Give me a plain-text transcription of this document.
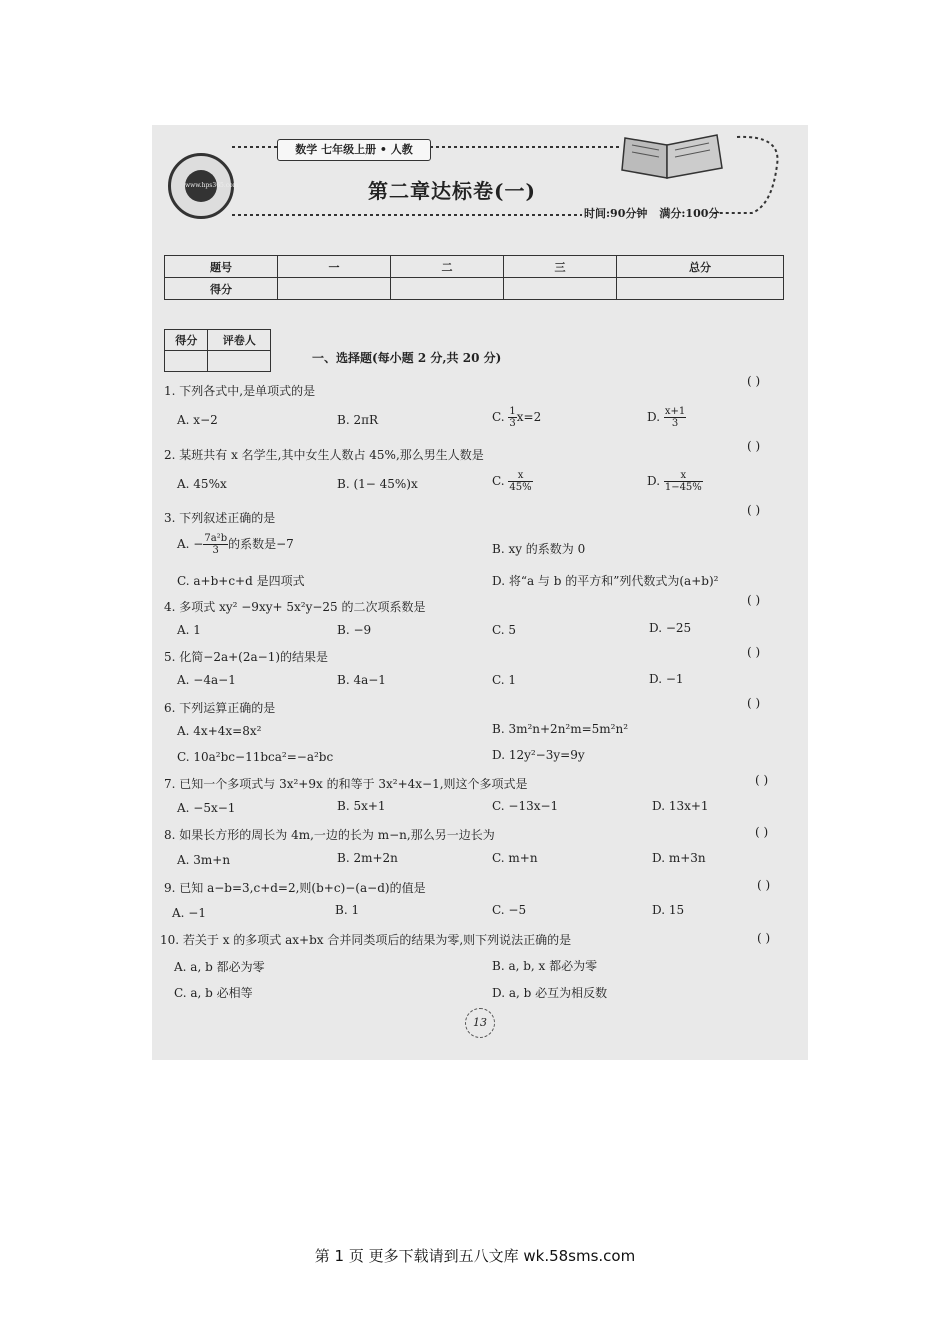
www.hps365.com
数学 七年级上册 • 人教
第二章达标卷(一)
时间:90分钟 满分:100分
题号	一	二	三	总分
得分				
得分	评卷人

一、选择题(每小题 2 分,共 20 分)
1. 下列各式中,是单项式的是
( )
A. x−2	B. 2πR	C. $\frac{1}{3} x=2$	D. $\frac{x+1}{3}$
2. 某班共有 x 名学生,其中女生人数占 45%,那么男生人数是
( )
A. 45%x	B. (1− 45%)x	C. $\frac{x}{45\%}$	D. $\frac{x}{1-45\%}$
3. 下列叙述正确的是
( )
A. − $\frac{\text{7a²b}}{3}$ 的系数是−7	B. xy 的系数为 0
C. a+b+c+d 是四项式	D. 将“a 与 b 的平方和”列代数式为(a+b)²
4. 多项式 xy² −9xy+ 5x²y−25 的二次项系数是	( )
A. 1	B. −9	C. 5	D. −25
5. 化简−2a+(2a−1)的结果是	( )
A. −4a−1	B. 4a−1	C. 1	D. −1
6. 下列运算正确的是	( )
A. 4x+4x=8x²	B. 3m²n+2n²m=5m²n²
C. 10a²bc−11bca²=−a²bc	D. 12y²−3y=9y
7. 已知一个多项式与 3x²+9x 的和等于 3x²+4x−1,则这个多项式是	( )
A. −5x−1	B. 5x+1	C. −13x−1	D. 13x+1
8. 如果长方形的周长为 4m,一边的长为 m−n,那么另一边长为	( )
A. 3m+n	B. 2m+2n	C. m+n	D. m+3n
9. 已知 a−b=3,c+d=2,则(b+c)−(a−d)的值是	( )
A. −1	B. 1	C. −5	D. 15
10. 若关于 x 的多项式 ax+bx 合并同类项后的结果为零,则下列说法正确的是	( )
A. a, b 都必为零	B. a, b, x 都必为零
C. a, b 必相等	D. a, b 必互为相反数
13
第 1 页 更多下载请到五八文库 wk.58sms.com
